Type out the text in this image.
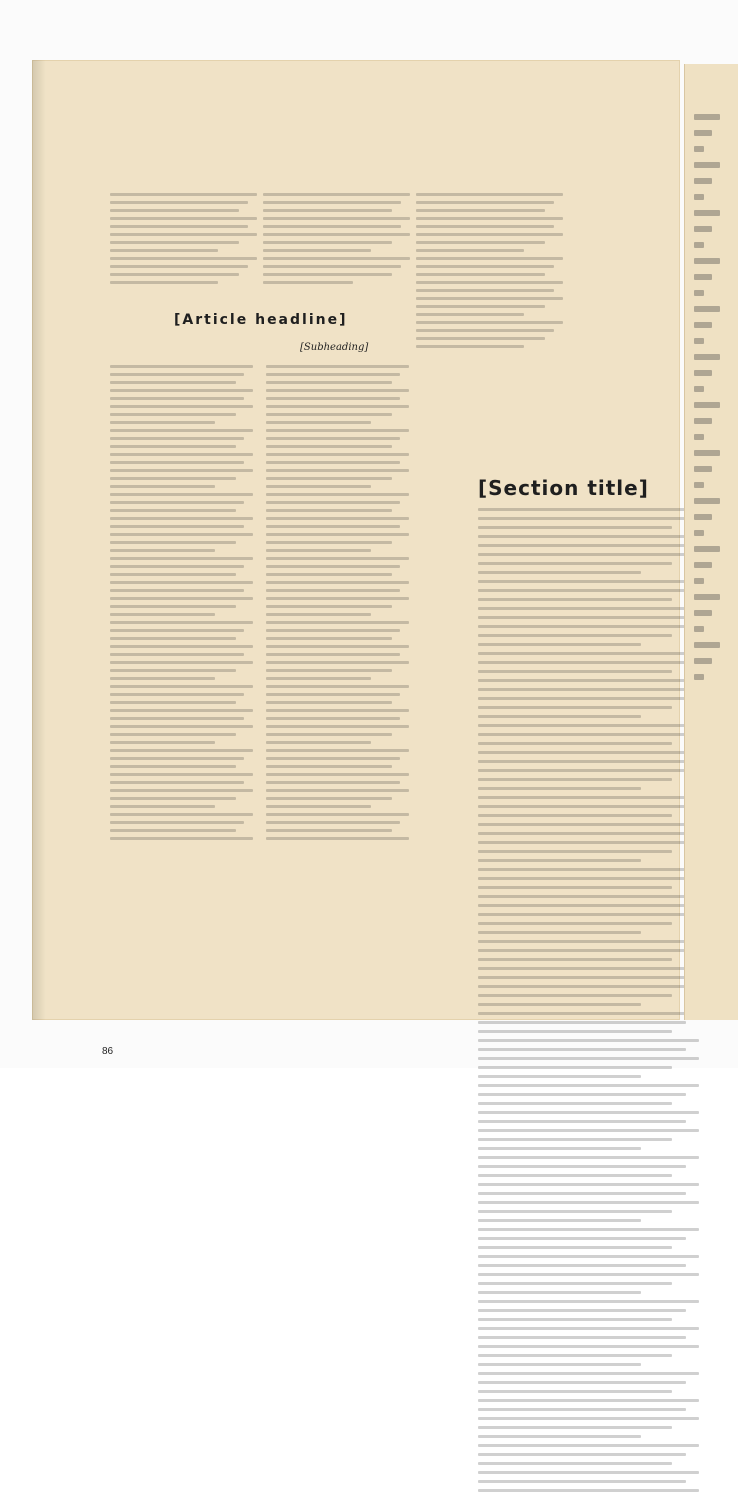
[Article headline]
[Subheading]
[Section title]
86
